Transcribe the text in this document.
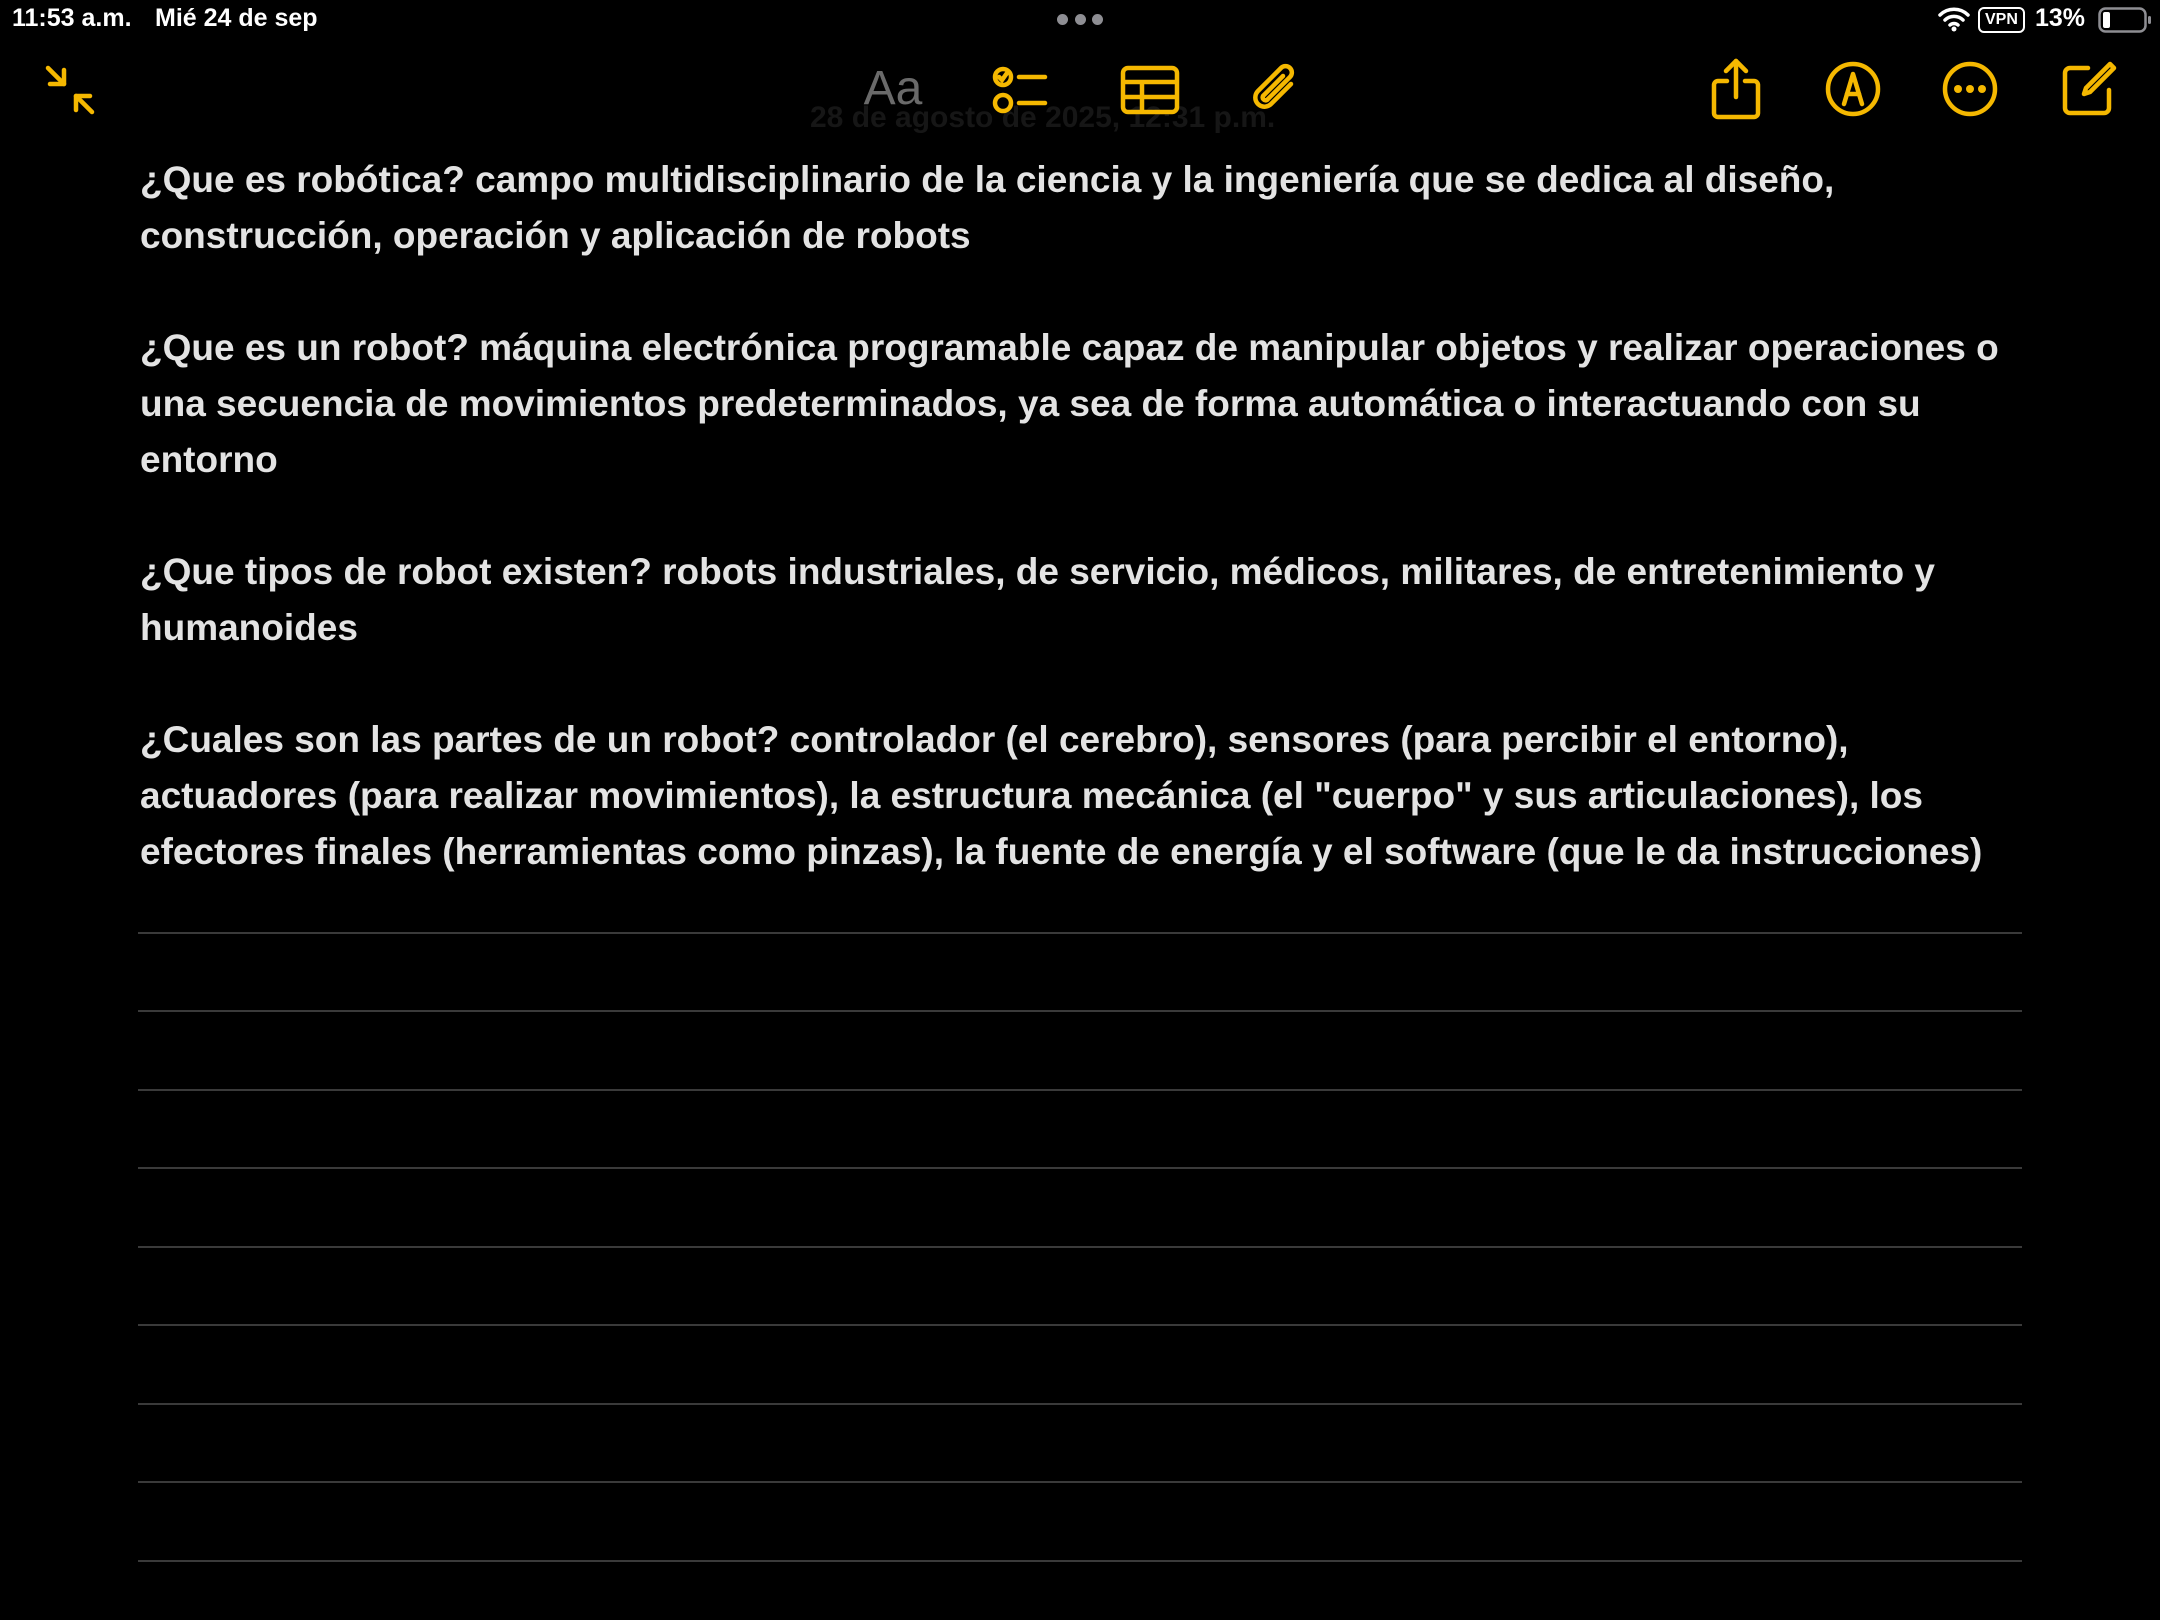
11:53 a.m. Mié 24 de sep	VPN 13%
28 de agosto de 2025, 12:31 p.m.
Aa

¿Que es robótica? campo multidisciplinario de la ciencia y la ingeniería que se dedica al diseño, construcción, operación y aplicación de robots

¿Que es un robot? máquina electrónica programable capaz de manipular objetos y realizar operaciones o una secuencia de movimientos predeterminados, ya sea de forma automática o interactuando con su entorno

¿Que tipos de robot existen? robots industriales, de servicio, médicos, militares, de entretenimiento y humanoides

¿Cuales son las partes de un robot? controlador (el cerebro), sensores (para percibir el entorno), actuadores (para realizar movimientos), la estructura mecánica (el "cuerpo" y sus articulaciones), los efectores finales (herramientas como pinzas), la fuente de energía y el software (que le da instrucciones)
